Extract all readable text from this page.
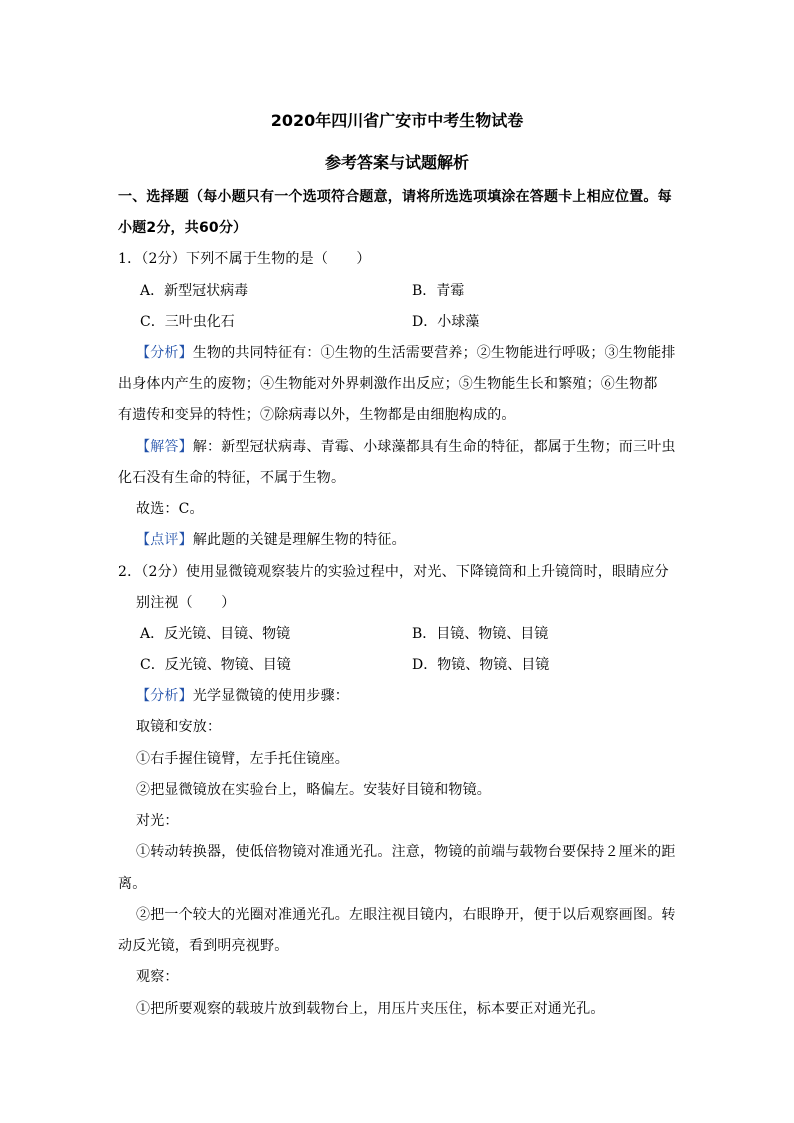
2020年四川省广安市中考生物试卷
参考答案与试题解析
一、选择题（每小题只有一个选项符合题意，请将所选选项填涂在答题卡上相应位置。每
小题2分，共60分）
1．（2分）下列不属于生物的是（　　）
A．新型冠状病毒	B．青霉
C．三叶虫化石	D．小球藻
【分析】生物的共同特征有：①生物的生活需要营养；②生物能进行呼吸；③生物能排
出身体内产生的废物；④生物能对外界刺激作出反应；⑤生物能生长和繁殖；⑥生物都
有遗传和变异的特性；⑦除病毒以外，生物都是由细胞构成的。
【解答】解：新型冠状病毒、青霉、小球藻都具有生命的特征，都属于生物；而三叶虫
化石没有生命的特征，不属于生物。
故选：C。
【点评】解此题的关键是理解生物的特征。
2．（2分）使用显微镜观察装片的实验过程中，对光、下降镜筒和上升镜筒时，眼睛应分
别注视（　　）
A．反光镜、目镜、物镜	B．目镜、物镜、目镜
C．反光镜、物镜、目镜	D．物镜、物镜、目镜
【分析】光学显微镜的使用步骤：
取镜和安放：
①右手握住镜臂，左手托住镜座。
②把显微镜放在实验台上，略偏左。安装好目镜和物镜。
对光：
①转动转换器，使低倍物镜对准通光孔。注意，物镜的前端与载物台要保持２厘米的距
离。
②把一个较大的光圈对准通光孔。左眼注视目镜内，右眼睁开，便于以后观察画图。转
动反光镜，看到明亮视野。
观察：
①把所要观察的载玻片放到载物台上，用压片夹压住，标本要正对通光孔。
